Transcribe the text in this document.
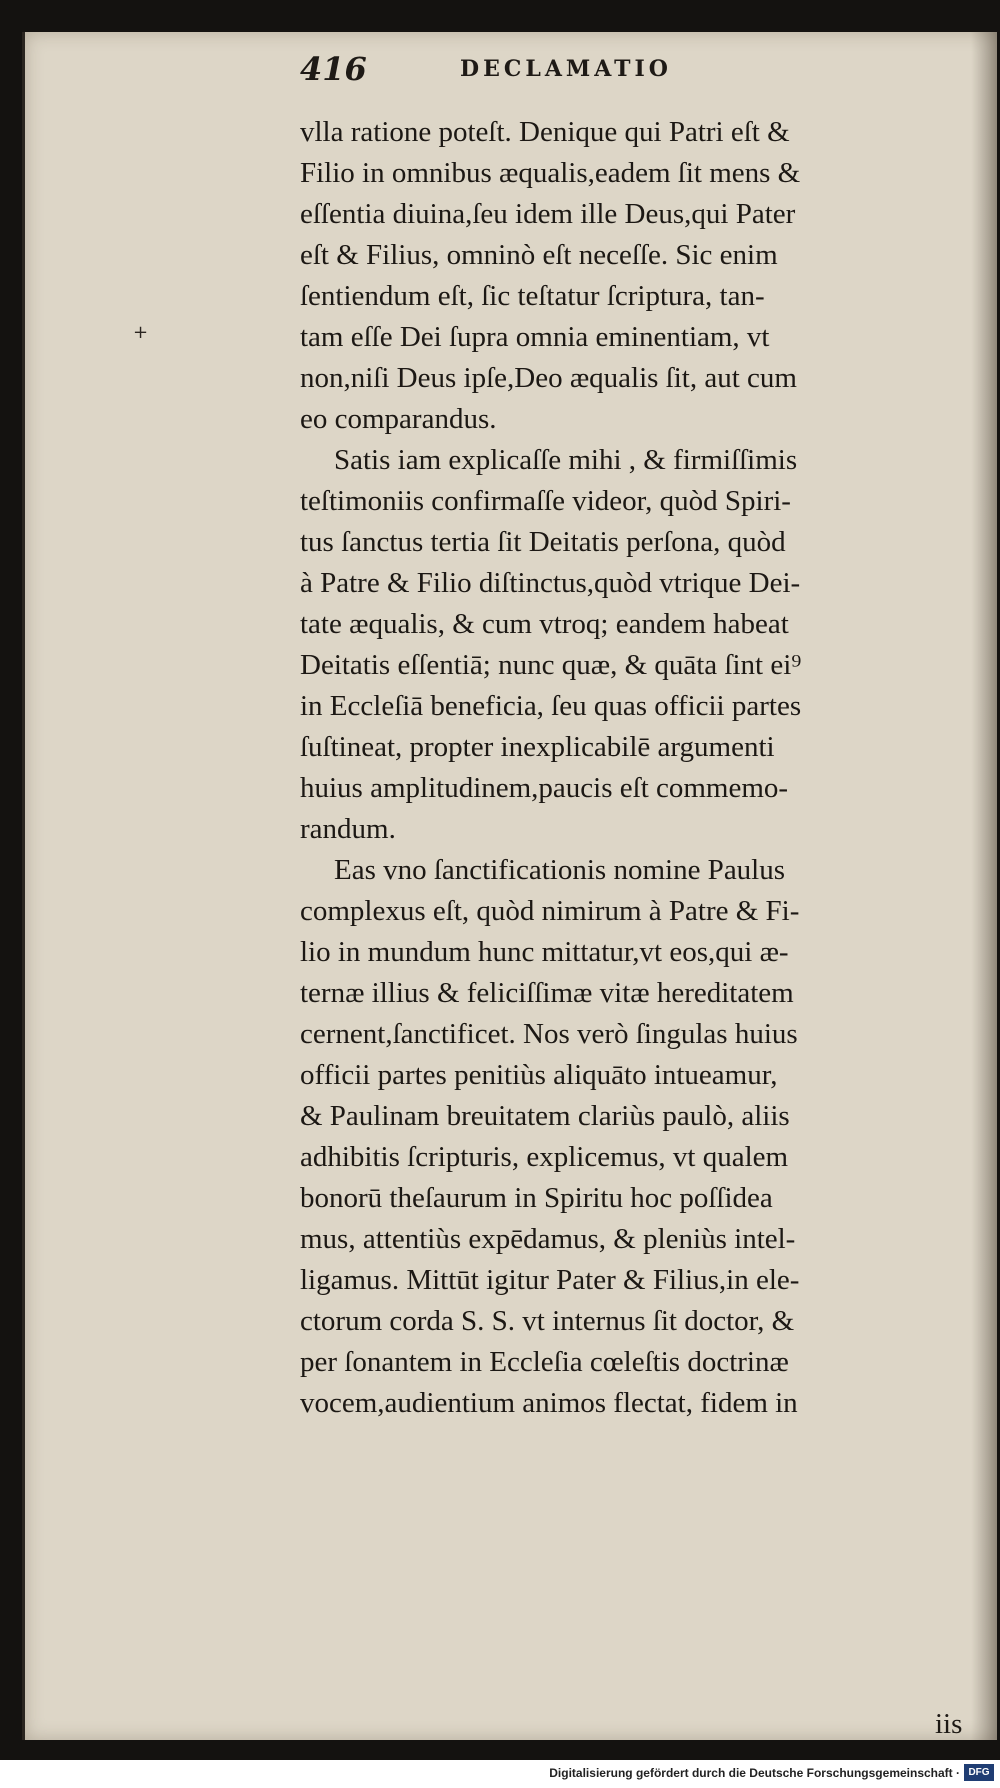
+
416	DECLAMATIO
vlla ratione poteſt. Denique qui Patri eſt &
Filio in omnibus æqualis,eadem ſit mens &
eſſentia diuina,ſeu idem ille Deus,qui Pater
eſt & Filius, omninò eſt neceſſe. Sic enim
ſentiendum eſt, ſic teſtatur ſcriptura, tan-
tam eſſe Dei ſupra omnia eminentiam, vt
non,niſi Deus ipſe,Deo æqualis ſit, aut cum
eo comparandus.
Satis iam explicaſſe mihi , & firmiſſimis
teſtimoniis confirmaſſe videor, quòd Spiri-
tus ſanctus tertia ſit Deitatis perſona, quòd
à Patre & Filio diſtinctus,quòd vtrique Dei-
tate æqualis, & cum vtroq; eandem habeat
Deitatis eſſentiā; nunc quæ, & quāta ſint ei⁹
in Eccleſiā beneficia, ſeu quas officii partes
ſuſtineat, propter inexplicabilē argumenti
huius amplitudinem,paucis eſt commemo-
randum.
Eas vno ſanctificationis nomine Paulus
complexus eſt, quòd nimirum à Patre & Fi-
lio in mundum hunc mittatur,vt eos,qui æ-
ternæ illius & feliciſſimæ vitæ hereditatem
cernent,ſanctificet. Nos verò ſingulas huius
officii partes penitiùs aliquāto intueamur,
& Paulinam breuitatem clariùs paulò, aliis
adhibitis ſcripturis, explicemus, vt qualem
bonorū theſaurum in Spiritu hoc poſſidea
mus, attentiùs expēdamus, & pleniùs intel-
ligamus. Mittūt igitur Pater & Filius,in ele-
ctorum corda S. S. vt internus ſit doctor, &
per ſonantem in Eccleſia cœleſtis doctrinæ
vocem,audientium animos flectat, fidem in
iis
Digitalisierung gefördert durch die Deutsche Forschungsgemeinschaft · DFG
